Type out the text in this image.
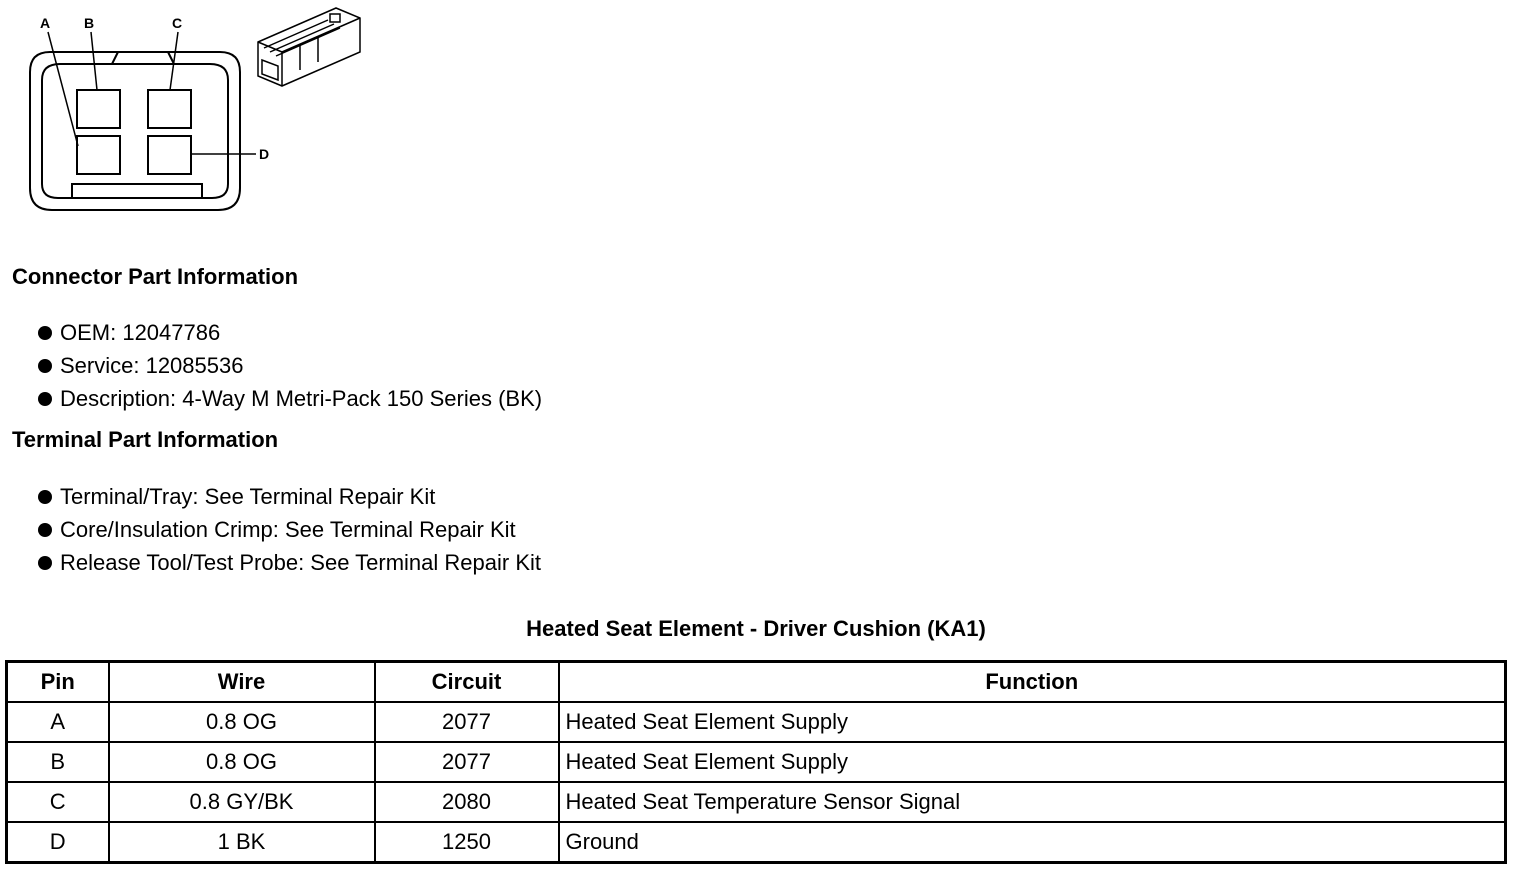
A B	C
D
Connector Part Information
OEM: 12047786
Service: 12085536
Description: 4-Way M Metri-Pack 150 Series (BK)
Terminal Part Information
Terminal/Tray: See Terminal Repair Kit
Core/Insulation Crimp: See Terminal Repair Kit
Release Tool/Test Probe: See Terminal Repair Kit
Heated Seat Element - Driver Cushion (KA1)
Pin	Wire	Circuit	Function
A	0.8 OG	2077	Heated Seat Element Supply
B	0.8 OG	2077	Heated Seat Element Supply
C	0.8 GY/BK	2080	Heated Seat Temperature Sensor Signal
D	1 BK	1250	Ground
